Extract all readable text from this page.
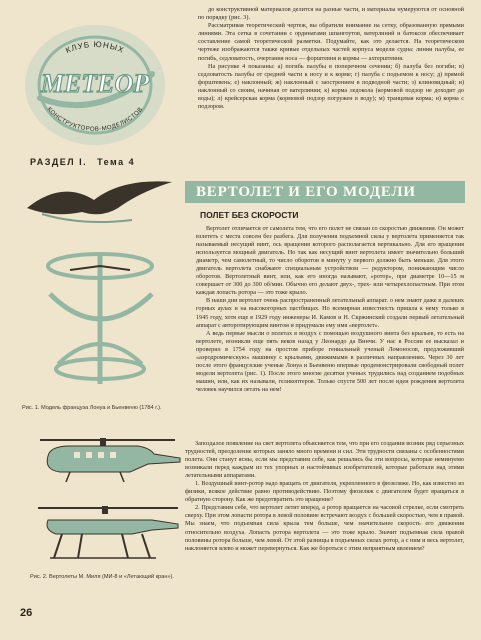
КЛУБ ЮНЫХ
МЕТЕОР
КОНСТРУКТОРОВ-МОДЕЛИСТОВ
РАЗДЕЛ I. Тема 4
Рис. 1. Модель француза Лонуа и Бьенвеню (1784 г.).
Рис. 2. Вертолеты М. Миля (МИ-8 и «Летающий кран»).
26

до конструктивной материалов делится на разные части, и материалы нумеруются от основной по порядку (рис. 3).

Рассматривая теоретический чертеж, вы обратили внимание на сетку, образованную прямыми линиями. Эта сетка в сочетании с ординатами шпангоутов, ватерлиний и батоксов обеспечивает составление самой теоретической разметки. Подумайте, как это делается. На теоретическом чертеже изображаются также кривые отдельных частей корпуса модели судна: линии палубы, ее погибь, седловатость, очертания носа — форштевня и кормы — ахтерштевня.

На рисунке 4 показаны: а) погибь палубы в поперечном сечении; б) палуба без погиби; в) седловатость палубы от средней части к носу и к корме; г) палуба с подъемом к носу; д) прямой форштевень; е) наклонный; ж) наклонный с заострением в подводной части; з) клиновидный; и) наклонный со своим, начиная от ватерлинии; к) корма ледокола (кормовой подзор не доходит до воды); л) крейсерская корма (кормовой подзор погружен в воду); м) транцевая корма; н) корма с подзором.

ВЕРТОЛЕТ И ЕГО МОДЕЛИ
ПОЛЕТ БЕЗ СКОРОСТИ

Вертолет отличается от самолета тем, что его полет не связан со скоростью движения. Он может взлететь с места совсем без разбега. Для получения подъемной силы у вертолета применяется так называемый несущий винт, ось вращения которого располагается вертикально. Для его вращения используется мощный двигатель. Но так как несущий винт вертолета имеет значительно больший диаметр, чем самолетный, то число оборотов в минуту у первого должно быть меньше. Для этого двигатель вертолета снабжают специальным устройством — редуктором, понижающим число оборотов. Вертолетный винт, или, как его иногда называют, «ротор», при диаметре 10—15 м совершает от 300 до 300 об/мин. Обычно его делают двух-, трех- или четырехлопастным. При этом каждая лопасть ротора — это тоже крыло.

В наши дни вертолет очень распространенный летательный аппарат. о нем знают даже в далеких горных аулах и на высокогорных пастбищах. Но всемирная известность пришла к нему только в 1945 году, хотя еще в 1929 году инженеры И. Камов и Н. Скржинский создали первый летательный аппарат с авторотирующим винтом и придумали ему имя «вертолет».

А ведь первые мысли о полетах в воздух с помощью воздушного винта без крыльев, то есть на вертолете, возникли еще пять веков назад у Леонардо да Винчи. У нас в России ее высказал и проверил в 1754 году на простом приборе гениальный ученый Ломоносов, предложивший «аэродромическую» машинку с крыльями, движимыми в различных направлениях. Через 30 лет после этого французские ученые Лонуа и Бьенвеню впервые продемонстрировали свободный полет модели вертолета (рис. 1). После этого многие десятки ученых трудились над созданием подобных машин, или, как их называли, геликоптеров. Только спустя 500 лет после идеи рождения вертолета человек научился летать на нем!

Запоздалое появление на свет вертолета объясняется тем, что при его создании возник ряд серьезных трудностей, преодоление которых заняло много времени и сил. Эти трудности связаны с особенностями полета. Они станут ясны, если мы представим себе, как решались бы эти вопросы, которые неминуемо возникали перед каждым из тех упорных и настойчивых изобретателей, которые работали над этими летательными аппаратами.

1. Воздушный винт-ротор надо вращать от двигателя, укрепленного в фюзеляже. Но, как известно из физики, всякое действие равно противодействию. Поэтому фюзеляж с двигателем будет вращаться в обратную сторону. Как же предотвратить это вращение?

2. Представим себе, что вертолет летит вперед, а ротор вращается на часовой стрелке, если смотреть сверху. При этом лопасти ротора в левой половине встречают воздух с большей скоростью, чем в правой. Мы знаем, что подъемная сила крыла тем больше, чем значительнее скорость его движения относительно воздуха. Лопасть ротора вертолета — это тоже крыло. Значит подъемная сила правой половины ротора больше, чем левой. От этой разницы в подъемных силах ротор, а с ним и весь вертолет, наклоняется влево и может перевернуться. Как же бороться с этим неприятным явлением?
